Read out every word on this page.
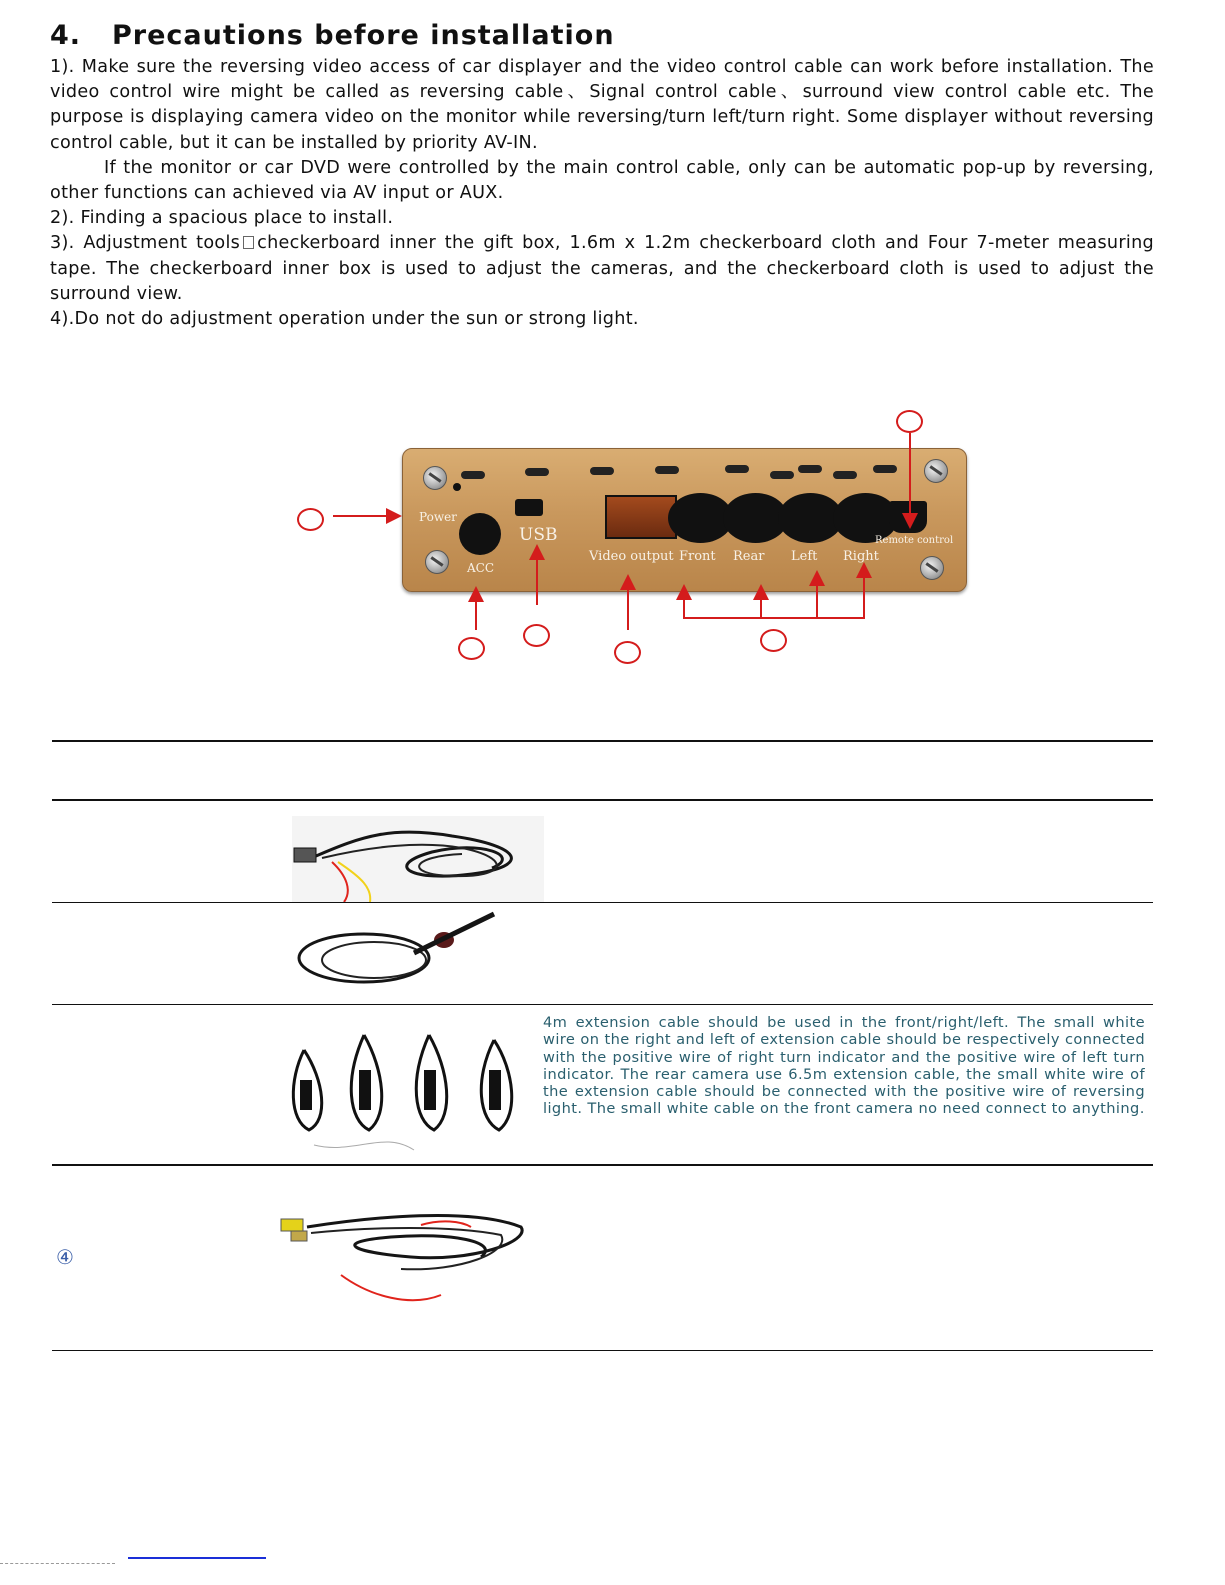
4. Precautions before installation

1). Make sure the reversing video access of car displayer and the video control cable can work before installation. The video control wire might be called as reversing cable、Signal control cable、surround view control cable etc. The purpose is displaying camera video on the monitor while reversing/turn left/turn right. Some displayer without reversing control cable, but it can be installed by priority AV-IN.

If the monitor or car DVD were controlled by the main control cable, only can be automatic pop-up by reversing, other functions can achieved via AV input or AUX.

2). Finding a spacious place to install.

3). Adjustment tools checkerboard inner the gift box, 1.6m x 1.2m checkerboard cloth and Four 7-meter measuring tape. The checkerboard inner box is used to adjust the cameras, and the checkerboard cloth is used to adjust the surround view.

4).Do not do adjustment operation under the sun or strong light.

Power
ACC
USB
Video output Front Rear Left Right
Remote control

4m extension cable should be used in the front/right/left. The small white wire on the right and left of extension cable should be respectively connected with the positive wire of right turn indicator and the positive wire of left turn indicator. The rear camera use 6.5m extension cable, the small white wire of the extension cable should be connected with the positive wire of reversing light. The small white cable on the front camera no need connect to anything.

④
